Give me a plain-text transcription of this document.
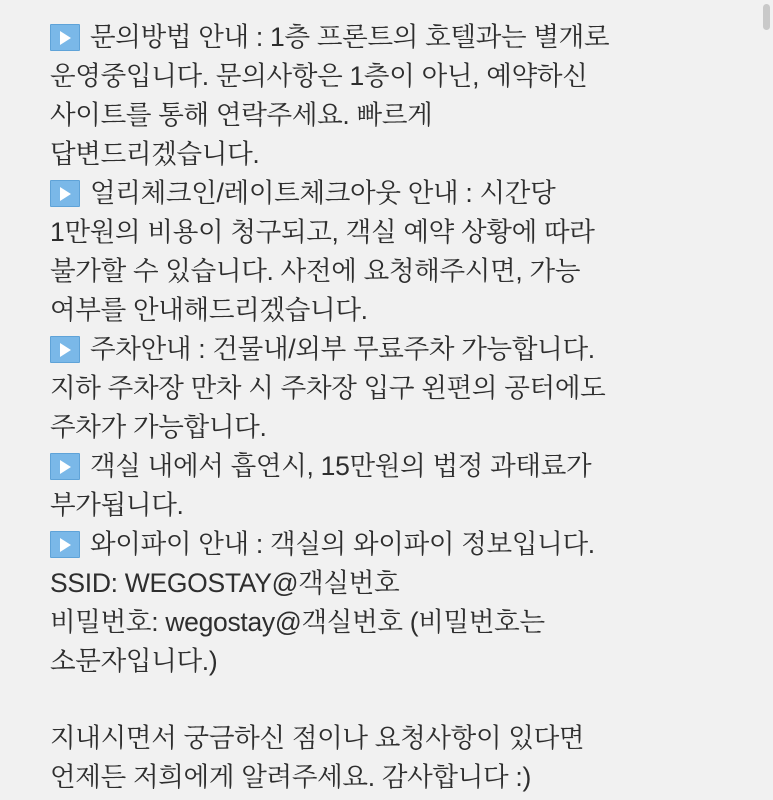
문의방법 안내 : 1층 프론트의 호텔과는 별개로
운영중입니다. 문의사항은 1층이 아닌, 예약하신
사이트를 통해 연락주세요. 빠르게
답변드리겠습니다.
얼리체크인/레이트체크아웃 안내 : 시간당
1만원의 비용이 청구되고, 객실 예약 상황에 따라
불가할 수 있습니다. 사전에 요청해주시면, 가능
여부를 안내해드리겠습니다.
주차안내 : 건물내/외부 무료주차 가능합니다.
지하 주차장 만차 시 주차장 입구 왼편의 공터에도
주차가 가능합니다.
객실 내에서 흡연시, 15만원의 법정 과태료가
부가됩니다.
와이파이 안내 : 객실의 와이파이 정보입니다.
SSID: WEGOSTAY@객실번호
비밀번호: wegostay@객실번호 (비밀번호는
소문자입니다.)
지내시면서 궁금하신 점이나 요청사항이 있다면
언제든 저희에게 알려주세요. 감사합니다 :)
